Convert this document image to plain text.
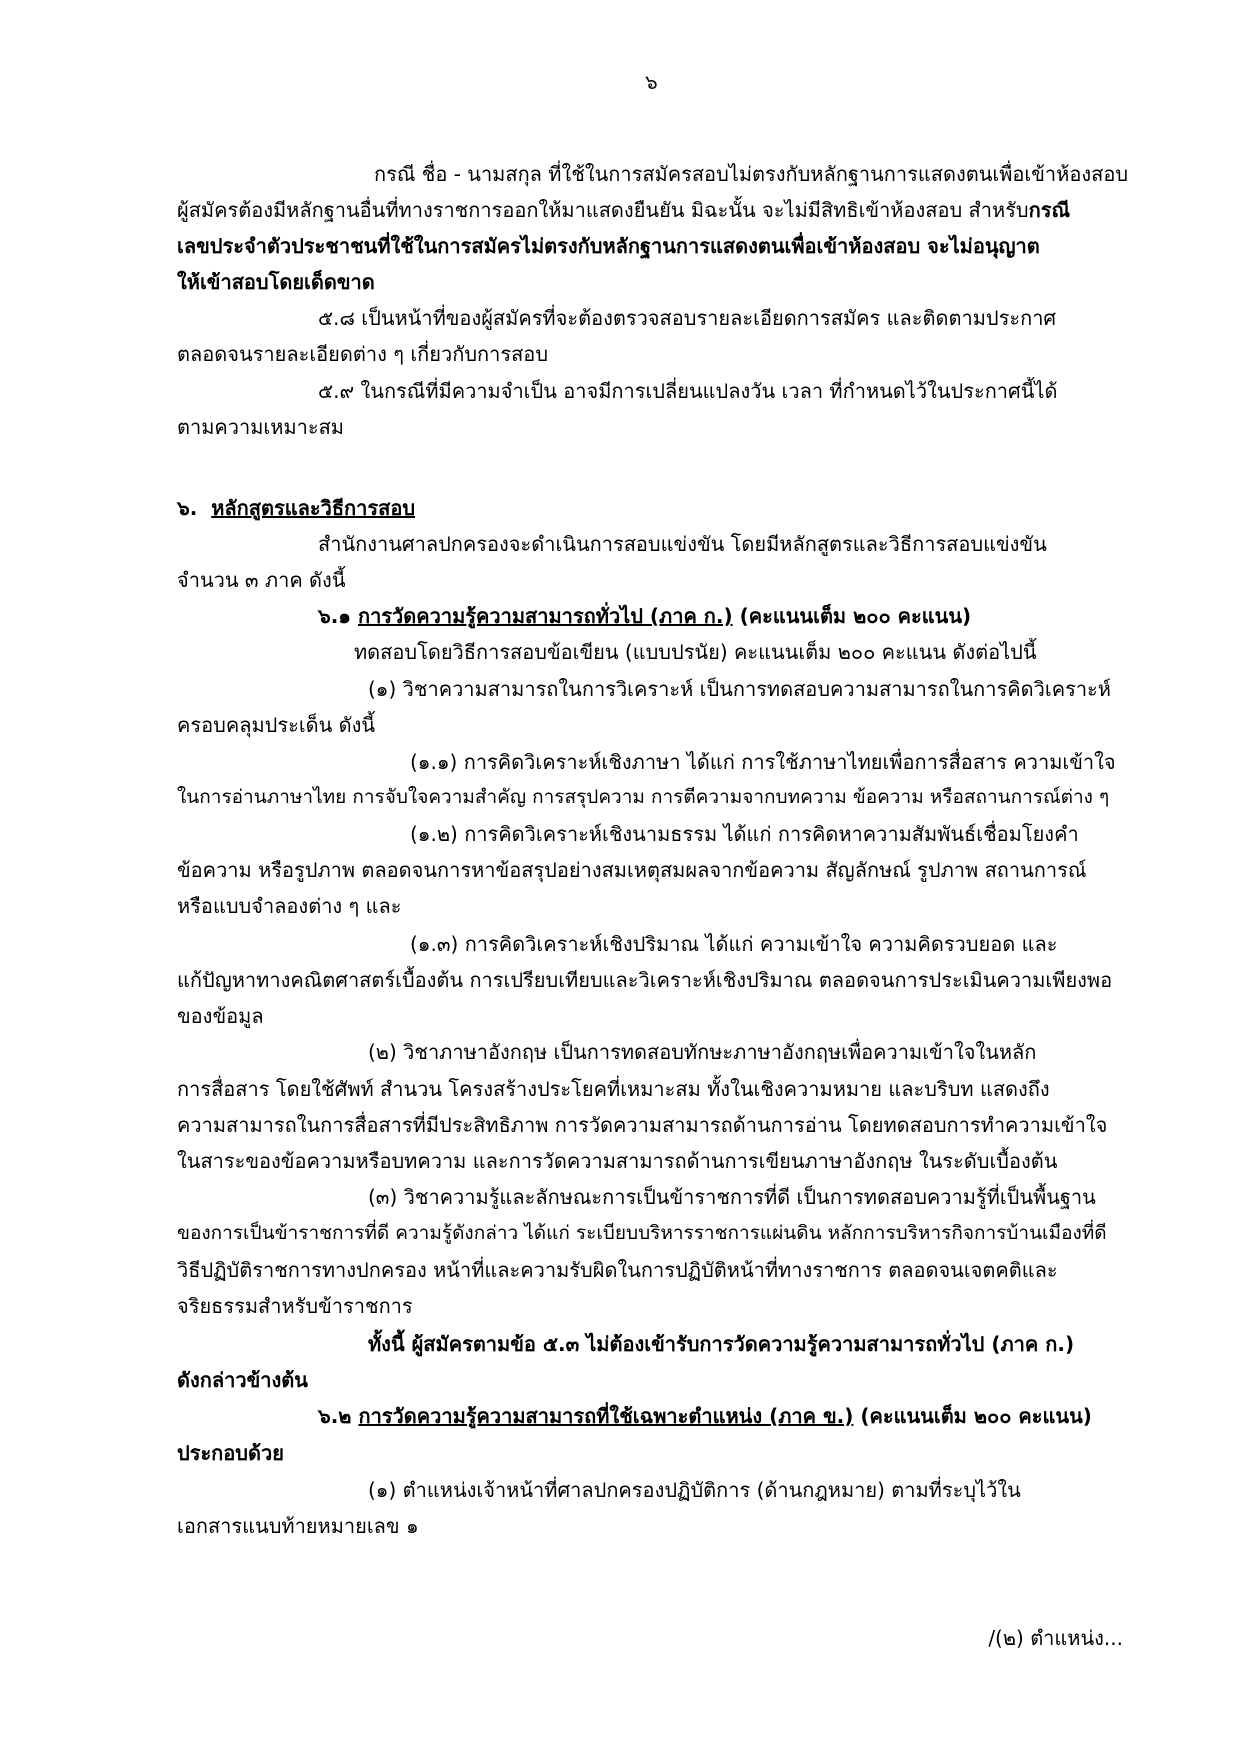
๖
กรณี ชื่อ - นามสกุล ที่ใช้ในการสมัครสอบไม่ตรงกับหลักฐานการแสดงตนเพื่อเข้าห้องสอบ
ผู้สมัครต้องมีหลักฐานอื่นที่ทางราชการออกให้มาแสดงยืนยัน มิฉะนั้น จะไม่มีสิทธิเข้าห้องสอบ สำหรับกรณี
เลขประจำตัวประชาชนที่ใช้ในการสมัครไม่ตรงกับหลักฐานการแสดงตนเพื่อเข้าห้องสอบ จะไม่อนุญาต
ให้เข้าสอบโดยเด็ดขาด
๕.๘ เป็นหน้าที่ของผู้สมัครที่จะต้องตรวจสอบรายละเอียดการสมัคร และติดตามประกาศ
ตลอดจนรายละเอียดต่าง ๆ เกี่ยวกับการสอบ
๕.๙ ในกรณีที่มีความจำเป็น อาจมีการเปลี่ยนแปลงวัน เวลา ที่กำหนดไว้ในประกาศนี้ได้
ตามความเหมาะสม
๖. หลักสูตรและวิธีการสอบ
สำนักงานศาลปกครองจะดำเนินการสอบแข่งขัน โดยมีหลักสูตรและวิธีการสอบแข่งขัน
จำนวน ๓ ภาค ดังนี้
๖.๑ การวัดความรู้ความสามารถทั่วไป (ภาค ก.) (คะแนนเต็ม ๒๐๐ คะแนน)
ทดสอบโดยวิธีการสอบข้อเขียน (แบบปรนัย) คะแนนเต็ม ๒๐๐ คะแนน ดังต่อไปนี้
(๑) วิชาความสามารถในการวิเคราะห์ เป็นการทดสอบความสามารถในการคิดวิเคราะห์
ครอบคลุมประเด็น ดังนี้
(๑.๑) การคิดวิเคราะห์เชิงภาษา ได้แก่ การใช้ภาษาไทยเพื่อการสื่อสาร ความเข้าใจ
ในการอ่านภาษาไทย การจับใจความสำคัญ การสรุปความ การตีความจากบทความ ข้อความ หรือสถานการณ์ต่าง ๆ
(๑.๒) การคิดวิเคราะห์เชิงนามธรรม ได้แก่ การคิดหาความสัมพันธ์เชื่อมโยงคำ
ข้อความ หรือรูปภาพ ตลอดจนการหาข้อสรุปอย่างสมเหตุสมผลจากข้อความ สัญลักษณ์ รูปภาพ สถานการณ์
หรือแบบจำลองต่าง ๆ และ
(๑.๓) การคิดวิเคราะห์เชิงปริมาณ ได้แก่ ความเข้าใจ ความคิดรวบยอด และ
แก้ปัญหาทางคณิตศาสตร์เบื้องต้น การเปรียบเทียบและวิเคราะห์เชิงปริมาณ ตลอดจนการประเมินความเพียงพอ
ของข้อมูล
(๒) วิชาภาษาอังกฤษ เป็นการทดสอบทักษะภาษาอังกฤษเพื่อความเข้าใจในหลัก
การสื่อสาร โดยใช้ศัพท์ สำนวน โครงสร้างประโยคที่เหมาะสม ทั้งในเชิงความหมาย และบริบท แสดงถึง
ความสามารถในการสื่อสารที่มีประสิทธิภาพ การวัดความสามารถด้านการอ่าน โดยทดสอบการทำความเข้าใจ
ในสาระของข้อความหรือบทความ และการวัดความสามารถด้านการเขียนภาษาอังกฤษ ในระดับเบื้องต้น
(๓) วิชาความรู้และลักษณะการเป็นข้าราชการที่ดี เป็นการทดสอบความรู้ที่เป็นพื้นฐาน
ของการเป็นข้าราชการที่ดี ความรู้ดังกล่าว ได้แก่ ระเบียบบริหารราชการแผ่นดิน หลักการบริหารกิจการบ้านเมืองที่ดี
วิธีปฏิบัติราชการทางปกครอง หน้าที่และความรับผิดในการปฏิบัติหน้าที่ทางราชการ ตลอดจนเจตคติและ
จริยธรรมสำหรับข้าราชการ
ทั้งนี้ ผู้สมัครตามข้อ ๕.๓ ไม่ต้องเข้ารับการวัดความรู้ความสามารถทั่วไป (ภาค ก.)
ดังกล่าวข้างต้น
๖.๒ การวัดความรู้ความสามารถที่ใช้เฉพาะตำแหน่ง (ภาค ข.) (คะแนนเต็ม ๒๐๐ คะแนน)
ประกอบด้วย
(๑) ตำแหน่งเจ้าหน้าที่ศาลปกครองปฏิบัติการ (ด้านกฎหมาย) ตามที่ระบุไว้ใน
เอกสารแนบท้ายหมายเลข ๑
/(๒) ตำแหน่ง...
